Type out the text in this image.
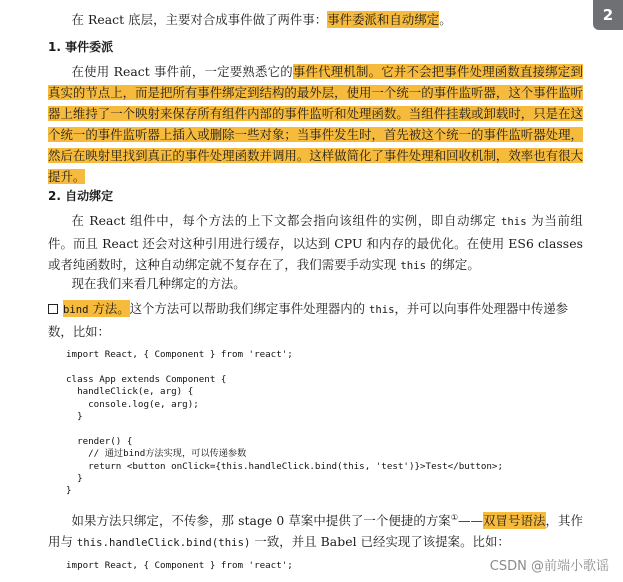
2

在 React 底层，主要对合成事件做了两件事：事件委派和自动绑定。

1. 事件委派

在使用 React 事件前，一定要熟悉它的事件代理机制。它并不会把事件处理函数直接绑定到真实的节点上，而是把所有事件绑定到结构的最外层，使用一个统一的事件监听器，这个事件监听器上维持了一个映射来保存所有组件内部的事件监听和处理函数。当组件挂载或卸载时，只是在这个统一的事件监听器上插入或删除一些对象；当事件发生时，首先被这个统一的事件监听器处理，然后在映射里找到真正的事件处理函数并调用。这样做简化了事件处理和回收机制，效率也有很大提升。

2. 自动绑定

在 React 组件中，每个方法的上下文都会指向该组件的实例，即自动绑定 this 为当前组件。而且 React 还会对这种引用进行缓存，以达到 CPU 和内存的最优化。在使用 ES6 classes 或者纯函数时，这种自动绑定就不复存在了，我们需要手动实现 this 的绑定。

现在我们来看几种绑定的方法。

bind 方法。这个方法可以帮助我们绑定事件处理器内的 this，并可以向事件处理器中传递参数，比如：
import React, { Component } from 'react';

class App extends Component {
handleClick(e, arg) {
console.log(e, arg);
}

render() {
// 通过bind方法实现，可以传递参数
return <button onClick={this.handleClick.bind(this, 'test')}>Test</button>;
}
}

如果方法只绑定，不传参，那 stage 0 草案中提供了一个便捷的方案①——双冒号语法，其作用与 this.handleClick.bind(this) 一致，并且 Babel 已经实现了该提案。比如：

import React, { Component } from 'react';	CSDN @前端小歌谣
